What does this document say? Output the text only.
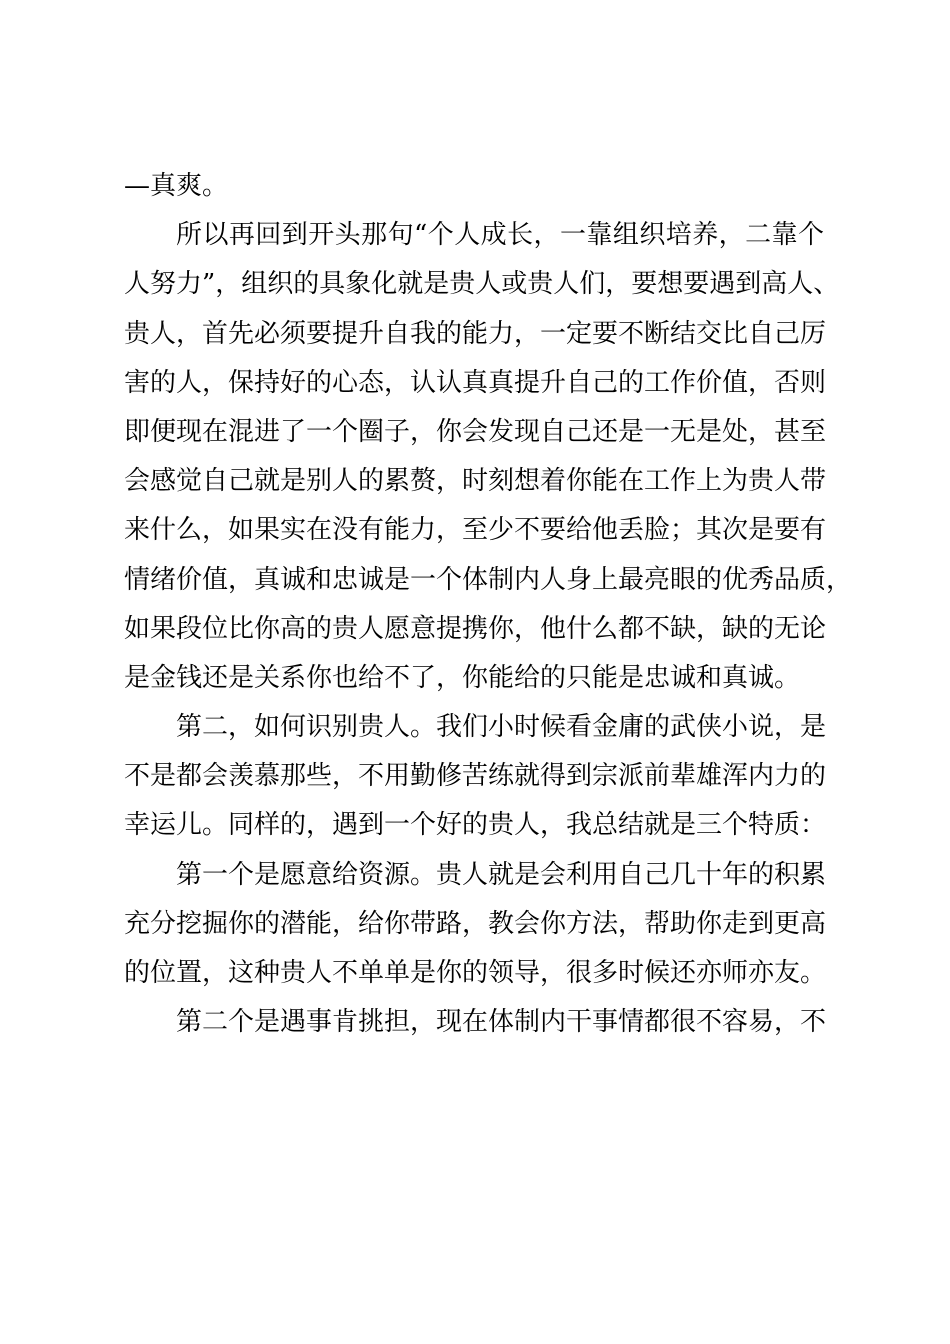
—真爽。
所以再回到开头那句“个人成长，一靠组织培养，二靠个
人努力”，组织的具象化就是贵人或贵人们，要想要遇到高人、
贵人，首先必须要提升自我的能力，一定要不断结交比自己厉
害的人，保持好的心态，认认真真提升自己的工作价值，否则
即便现在混进了一个圈子，你会发现自己还是一无是处，甚至
会感觉自己就是别人的累赘，时刻想着你能在工作上为贵人带
来什么，如果实在没有能力，至少不要给他丢脸；其次是要有
情绪价值，真诚和忠诚是一个体制内人身上最亮眼的优秀品质，
如果段位比你高的贵人愿意提携你，他什么都不缺，缺的无论
是金钱还是关系你也给不了，你能给的只能是忠诚和真诚。
第二，如何识别贵人。我们小时候看金庸的武侠小说，是
不是都会羡慕那些，不用勤修苦练就得到宗派前辈雄浑内力的
幸运儿。同样的，遇到一个好的贵人，我总结就是三个特质：
第一个是愿意给资源。贵人就是会利用自己几十年的积累
充分挖掘你的潜能，给你带路，教会你方法，帮助你走到更高
的位置，这种贵人不单单是你的领导，很多时候还亦师亦友。
第二个是遇事肯挑担，现在体制内干事情都很不容易，不
